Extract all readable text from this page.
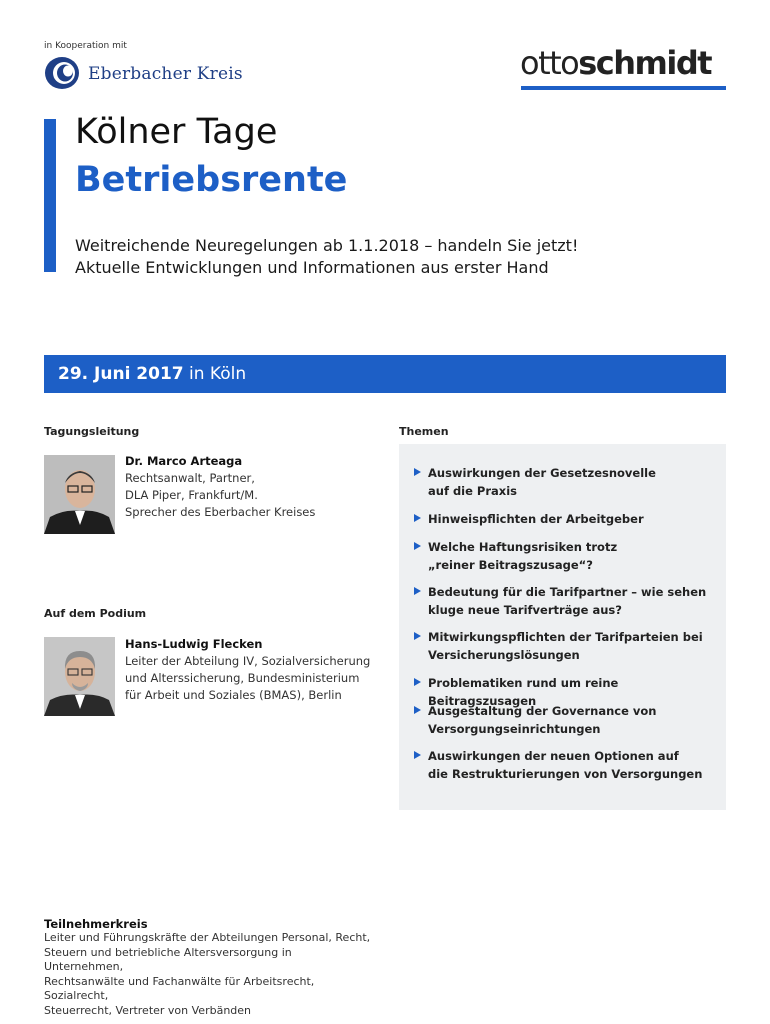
in Kooperation mit
Eberbacher Kreis	ottoschmidt
Kölner Tage
Betriebsrente
Weitreichende Neuregelungen ab 1.1.2018 – handeln Sie jetzt!
Aktuelle Entwicklungen und Informationen aus erster Hand
29. Juni 2017 in Köln
Tagungsleitung
Dr. Marco Arteaga
Rechtsanwalt, Partner,
DLA Piper, Frankfurt/M.
Sprecher des Eberbacher Kreises
Auf dem Podium
Hans-Ludwig Flecken
Leiter der Abteilung IV, Sozialversicherung
und Alterssicherung, Bundesministerium
für Arbeit und Soziales (BMAS), Berlin
Themen
Auswirkungen der Gesetzesnovelle
auf die Praxis
Hinweispflichten der Arbeitgeber
Welche Haftungsrisiken trotz
„reiner Beitragszusage“?
Bedeutung für die Tarifpartner – wie sehen
kluge neue Tarifverträge aus?
Mitwirkungspflichten der Tarifparteien bei
Versicherungslösungen
Problematiken rund um reine Beitragszusagen
Ausgestaltung der Governance von
Versorgungseinrichtungen
Auswirkungen der neuen Optionen auf
die Restrukturierungen von Versorgungen
Teilnehmerkreis
Leiter und Führungskräfte der Abteilungen Personal, Recht,
Steuern und betriebliche Altersversorgung in Unternehmen,
Rechtsanwälte und Fachanwälte für Arbeitsrecht, Sozialrecht,
Steuerrecht, Vertreter von Verbänden
